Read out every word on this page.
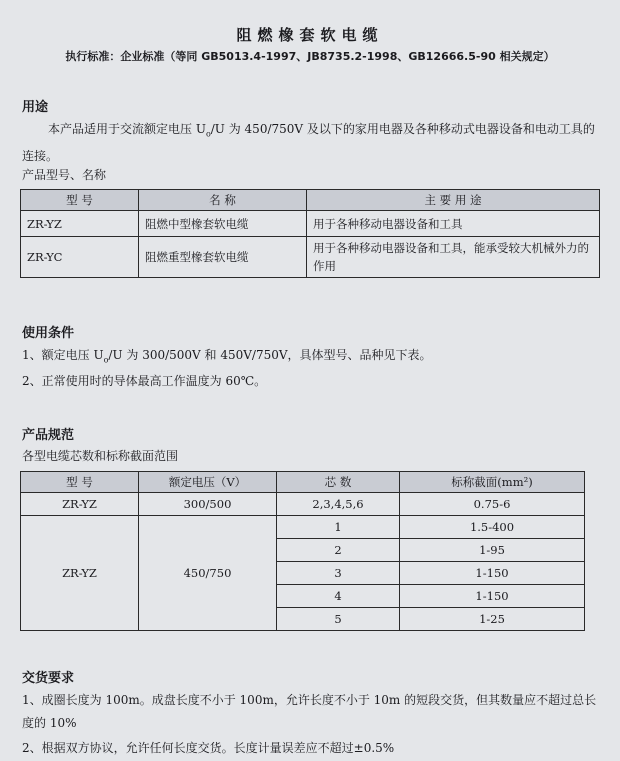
阻燃橡套软电缆
执行标准：企业标准（等同 GB5013.4-1997、JB8735.2-1998、GB12666.5-90 相关规定）
用途
本产品适用于交流额定电压 $U_o/U$ 为 450/750V 及以下的家用电器及各种移动式电器设备和电动工具的连接。
产品型号、名称
型 号	名 称	主 要 用 途
ZR-YZ	阻燃中型橡套软电缆	用于各种移动电器设备和工具
ZR-YC	阻燃重型橡套软电缆	用于各种移动电器设备和工具，能承受较大机械外力的作用
使用条件
1、额定电压 $U_o/U$ 为 300/500V 和 450V/750V，具体型号、品种见下表。
2、正常使用时的导体最高工作温度为 60℃。
产品规范
各型电缆芯数和标称截面范围
型 号	额定电压（V）	芯 数	标称截面(mm²)
ZR-YZ	300/500	2,3,4,5,6	0.75-6
ZR-YZ	450/750	1	1.5-400
		2	1-95
		3	1-150
		4	1-150
		5	1-25
交货要求
1、成圈长度为 100m。成盘长度不小于 100m，允许长度不小于 10m 的短段交货，但其数量应不超过总长度的 10%
2、根据双方协议，允许任何长度交货。长度计量误差应不超过±0.5%
